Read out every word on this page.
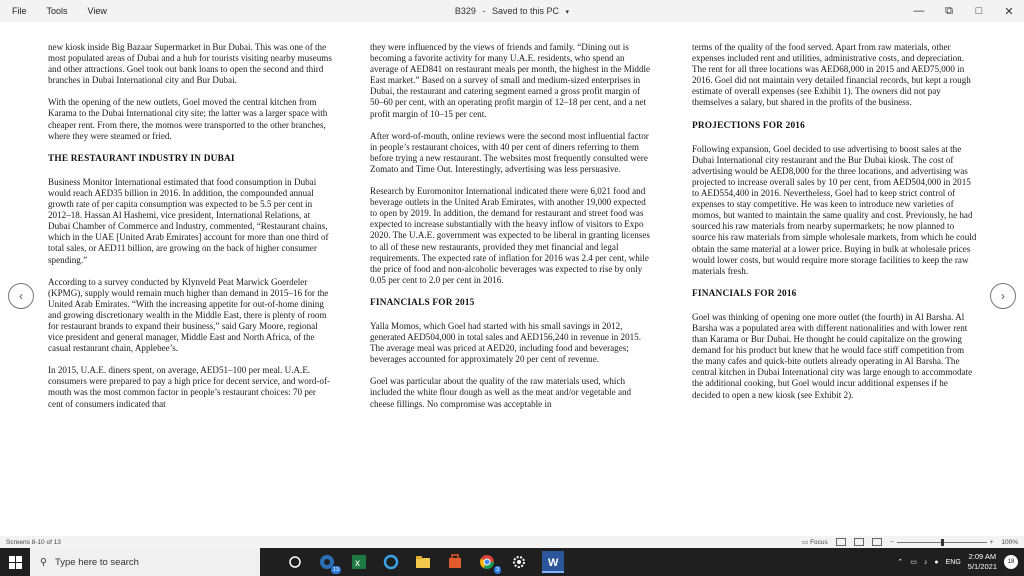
File	Tools	View	B329 - Saved to this PC ▾	—	⧉	□	✕

new kiosk inside Big Bazaar Supermarket in Bur Dubai. This was one of the most populated areas of Dubai and a hub for tourists visiting nearby museums and other attractions. Goel took out bank loans to open the second and third branches in Dubai International city and Bur Dubai.

With the opening of the new outlets, Goel moved the central kitchen from Karama to the Dubai International city site; the latter was a larger space with cheaper rent. From there, the momos were transported to the other branches, where they were steamed or fried.

THE RESTAURANT INDUSTRY IN DUBAI

Business Monitor International estimated that food consumption in Dubai would reach AED35 billion in 2016. In addition, the compounded annual growth rate of per capita consumption was expected to be 5.5 per cent in 2012–18. Hassan Al Hashemi, vice president, International Relations, at Dubai Chamber of Commerce and Industry, commented, “Restaurant chains, which in the UAE [United Arab Emirates] account for more than one third of total sales, or AED11 billion, are growing on the back of higher consumer spending.”

According to a survey conducted by Klynveld Peat Marwick Goerdeler (KPMG), supply would remain much higher than demand in 2015–16 for the United Arab Emirates. “With the increasing appetite for out-of-home dining and growing discretionary wealth in the Middle East, there is plenty of room for restaurant brands to expand their business,” said Gary Moore, regional vice president and general manager, Middle East and North Africa, of the casual restaurant chain, Applebee’s.

In 2015, U.A.E. diners spent, on average, AED51–100 per meal. U.A.E. consumers were prepared to pay a high price for decent service, and word-of-mouth was the most common factor in people’s restaurant choices: 70 per cent of consumers indicated that

they were influenced by the views of friends and family. “Dining out is becoming a favorite activity for many U.A.E. residents, who spend an average of AED841 on restaurant meals per month, the highest in the Middle East market.” Based on a survey of small and medium-sized enterprises in Dubai, the restaurant and catering segment earned a gross profit margin of 50–60 per cent, with an operating profit margin of 12–18 per cent, and a net profit margin of 10–15 per cent.

After word-of-mouth, online reviews were the second most influential factor in people’s restaurant choices, with 40 per cent of diners referring to them before trying a new restaurant. The websites most frequently consulted were Zomato and Time Out. Interestingly, advertising was less persuasive.

Research by Euromonitor International indicated there were 6,021 food and beverage outlets in the United Arab Emirates, with another 19,000 expected to open by 2019. In addition, the demand for restaurant and street food was expected to increase substantially with the heavy inflow of visitors to Expo 2020. The U.A.E. government was expected to be liberal in granting licenses to all of these new restaurants, provided they met financial and legal requirements. The expected rate of inflation for 2016 was 2.4 per cent, while the price of food and non-alcoholic beverages was expected to rise by only 0.05 per cent to 2.0 per cent in 2016.

FINANCIALS FOR 2015

Yalla Momos, which Goel had started with his small savings in 2012, generated AED504,000 in total sales and AED156,240 in revenue in 2015. The average meal was priced at AED20, including food and beverages; beverages accounted for approximately 20 per cent of revenue.

Goel was particular about the quality of the raw materials used, which included the white flour dough as well as the meat and/or vegetable and cheese fillings. No compromise was acceptable in

terms of the quality of the food served. Apart from raw materials, other expenses included rent and utilities, administrative costs, and depreciation. The rent for all three locations was AED68,000 in 2015 and AED75,000 in 2016. Goel did not maintain very detailed financial records, but kept a rough estimate of overall expenses (see Exhibit 1). The owners did not pay themselves a salary, but shared in the profits of the business.

PROJECTIONS FOR 2016

Following expansion, Goel decided to use advertising to boost sales at the Dubai International city restaurant and the Bur Dubai kiosk. The cost of advertising would be AED8,000 for the three locations, and advertising was projected to increase overall sales by 10 per cent, from AED504,000 in 2015 to AED554,400 in 2016. Nevertheless, Goel had to keep strict control of expenses to stay competitive. He was keen to introduce new varieties of momos, but wanted to maintain the same quality and cost. Previously, he had sourced his raw materials from nearby supermarkets; he now planned to source his raw materials from simple wholesale markets, from which he could obtain the same material at a lower price. Buying in bulk at wholesale prices would lower costs, but would require more storage facilities to keep the raw materials fresh.

FINANCIALS FOR 2016

Goel was thinking of opening one more outlet (the fourth) in Al Barsha. Al Barsha was a populated area with different nationalities and with lower rent than Karama or Bur Dubai. He thought he could capitalize on the growing demand for his product but knew that he would face stiff competition from the many cafes and quick-bite outlets already operating in Al Barsha. The central kitchen in Dubai International city was large enough to accommodate the additional cooking, but Goel would incur additional expenses if he decided to open a new kiosk (see Exhibit 2).

‹	›
Screens 8-10 of 13	▭ Focus	−	+ 100%
⚲ Type here to search
13
x
3
W	⌃ ▭ ♪ ● ENG
2:09 AM
5/1/2021	18
